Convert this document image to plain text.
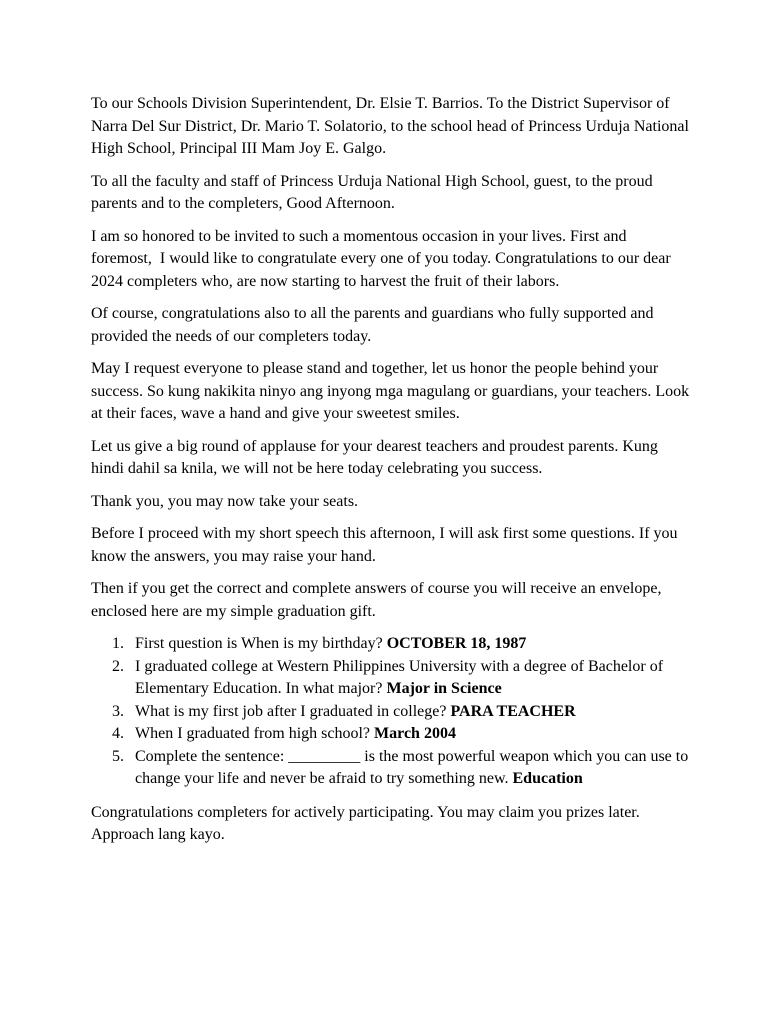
To our Schools Division Superintendent, Dr. Elsie T. Barrios. To the District Supervisor of Narra Del Sur District, Dr. Mario T. Solatorio, to the school head of Princess Urduja National High School, Principal III Mam Joy E. Galgo.

To all the faculty and staff of Princess Urduja National High School, guest, to the proud parents and to the completers, Good Afternoon.

I am so honored to be invited to such a momentous occasion in your lives. First and foremost,  I would like to congratulate every one of you today. Congratulations to our dear 2024 completers who, are now starting to harvest the fruit of their labors.

Of course, congratulations also to all the parents and guardians who fully supported and provided the needs of our completers today.

May I request everyone to please stand and together, let us honor the people behind your success. So kung nakikita ninyo ang inyong mga magulang or guardians, your teachers. Look at their faces, wave a hand and give your sweetest smiles.

Let us give a big round of applause for your dearest teachers and proudest parents. Kung hindi dahil sa knila, we will not be here today celebrating you success.

Thank you, you may now take your seats.

Before I proceed with my short speech this afternoon, I will ask first some questions. If you know the answers, you may raise your hand.

Then if you get the correct and complete answers of course you will receive an envelope, enclosed here are my simple graduation gift.

1. First question is When is my birthday? OCTOBER 18, 1987
2. I graduated college at Western Philippines University with a degree of Bachelor of Elementary Education. In what major? Major in Science
3. What is my first job after I graduated in college? PARA TEACHER
4. When I graduated from high school? March 2004
5. Complete the sentence: _________ is the most powerful weapon which you can use to change your life and never be afraid to try something new. Education

Congratulations completers for actively participating. You may claim you prizes later. Approach lang kayo.
